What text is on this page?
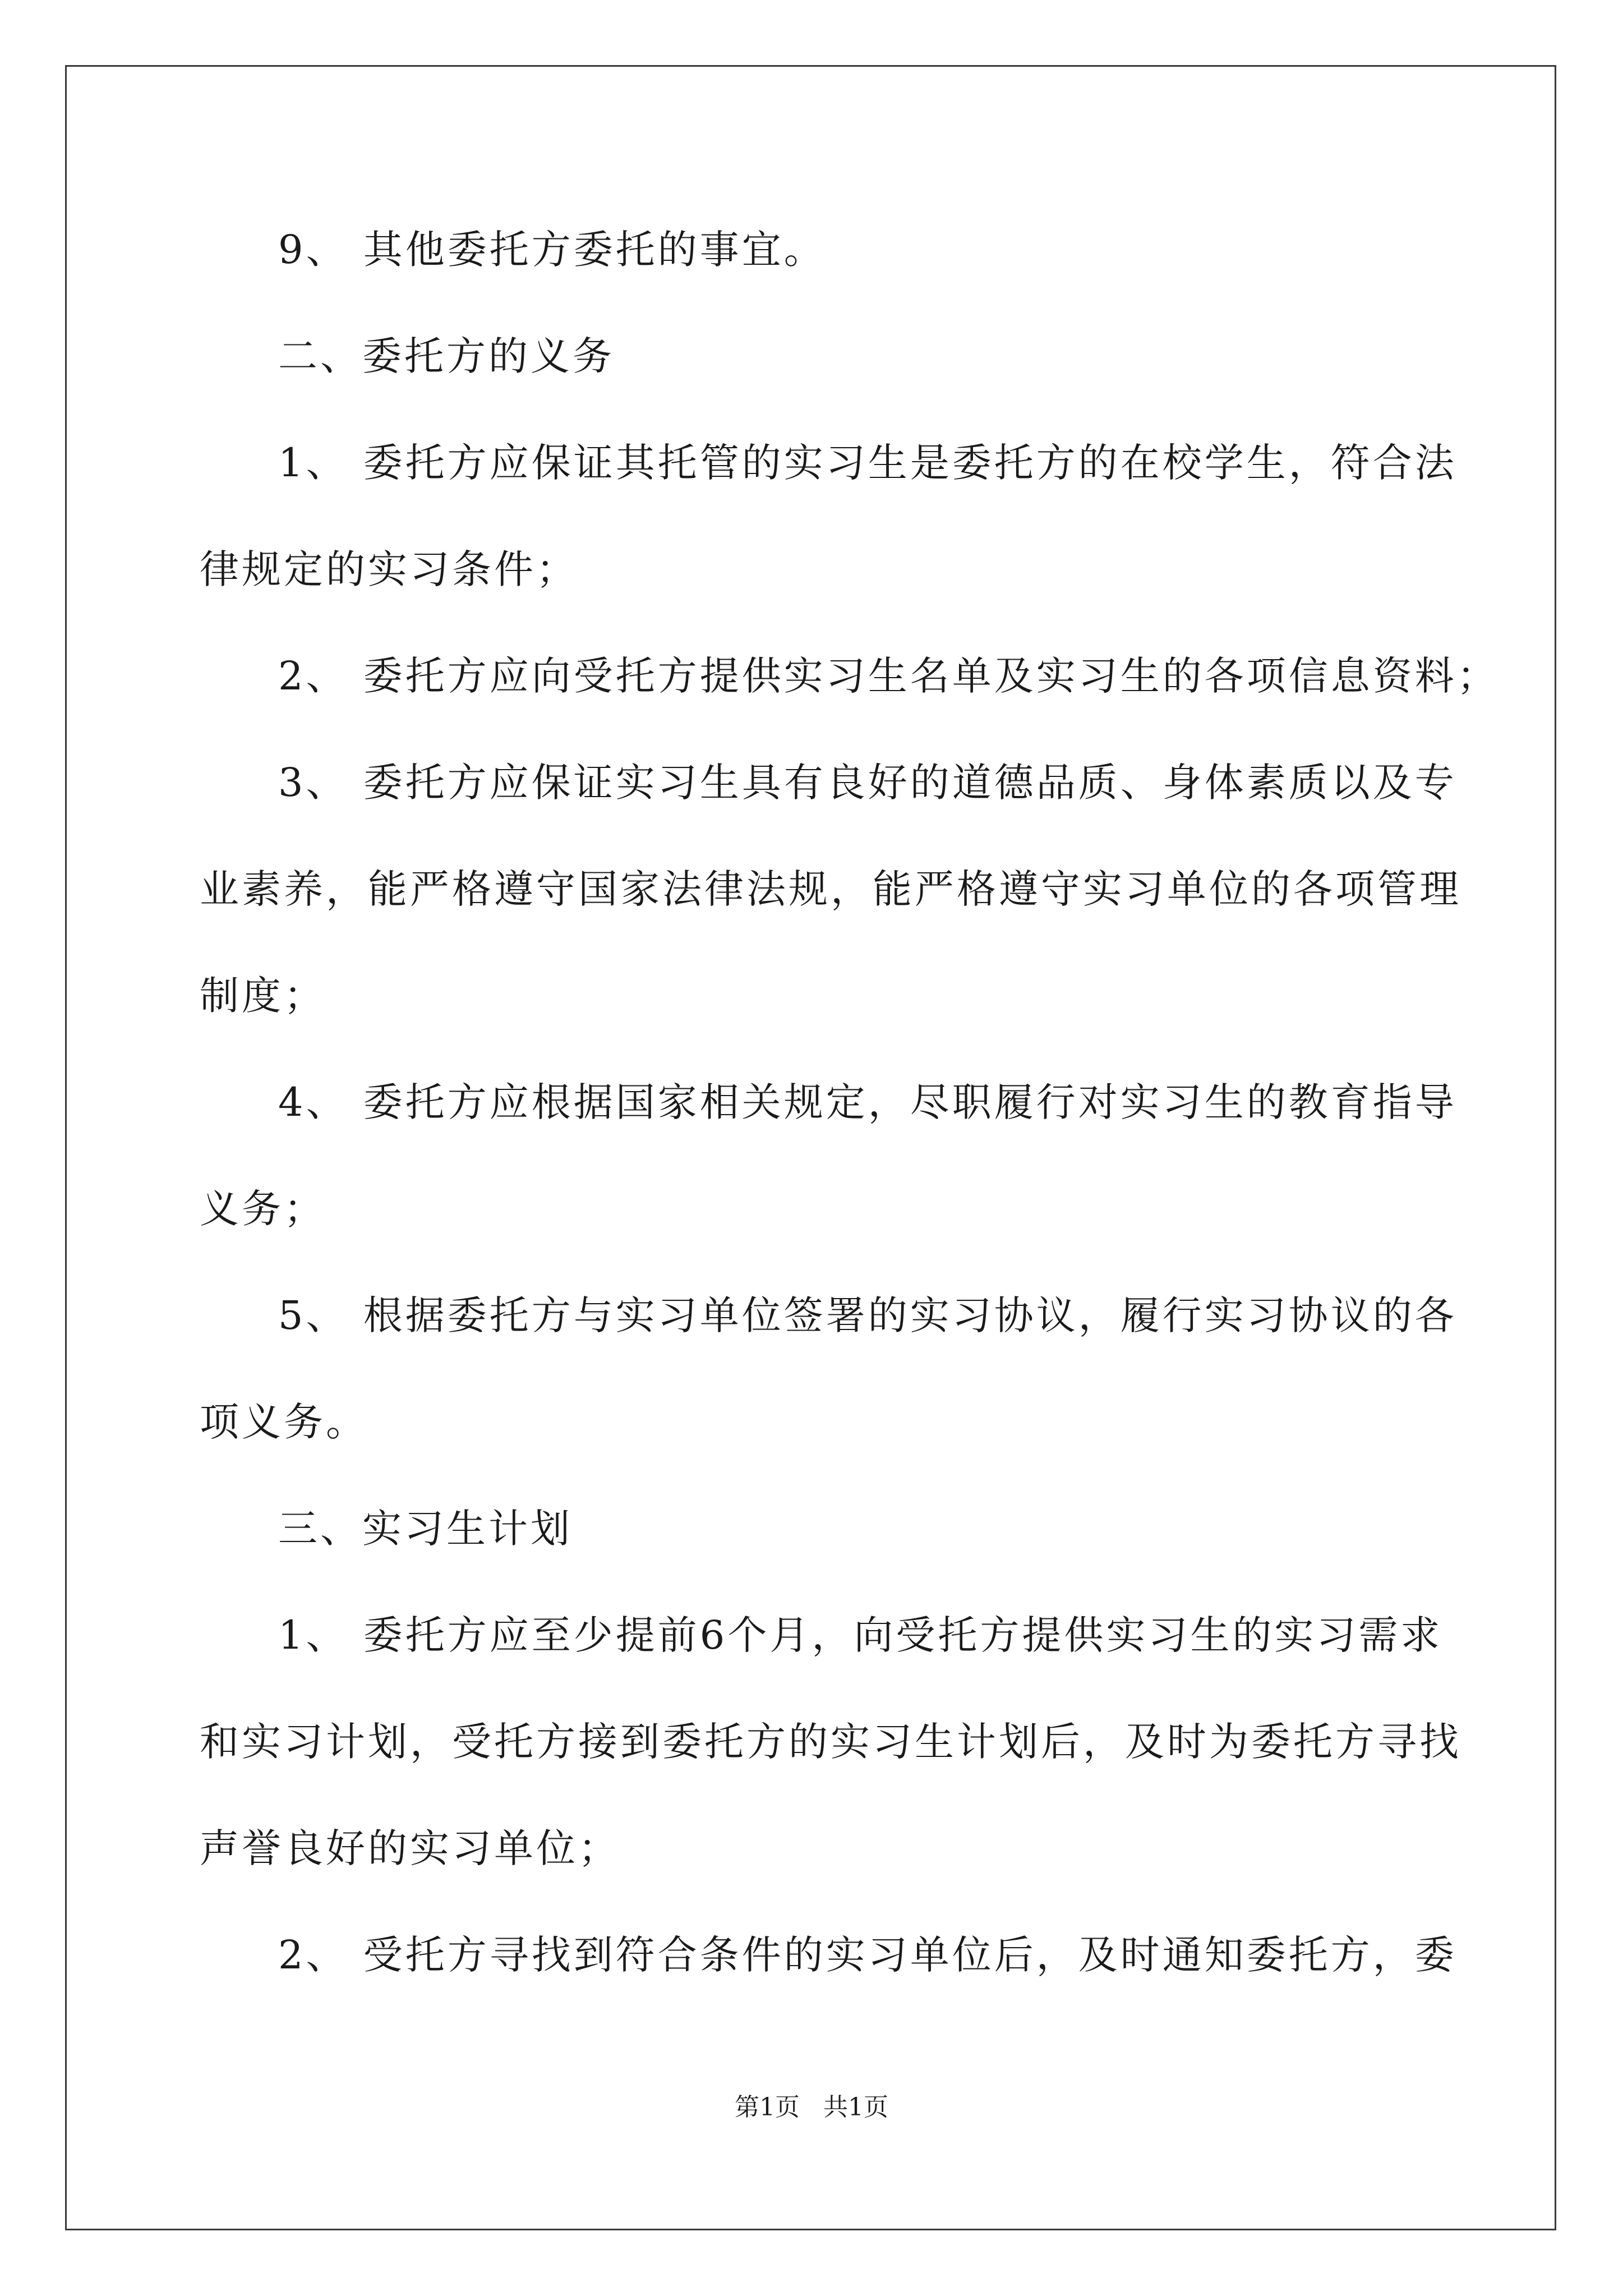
9、 其他委托方委托的事宜。
二、委托方的义务
1、 委托方应保证其托管的实习生是委托方的在校学生，符合法
律规定的实习条件；
2、 委托方应向受托方提供实习生名单及实习生的各项信息资料；
3、 委托方应保证实习生具有良好的道德品质、身体素质以及专
业素养，能严格遵守国家法律法规，能严格遵守实习单位的各项管理
制度；
4、 委托方应根据国家相关规定，尽职履行对实习生的教育指导
义务；
5、 根据委托方与实习单位签署的实习协议，履行实习协议的各
项义务。
三、实习生计划
1、 委托方应至少提前6个月，向受托方提供实习生的实习需求
和实习计划，受托方接到委托方的实习生计划后，及时为委托方寻找
声誉良好的实习单位；
2、 受托方寻找到符合条件的实习单位后，及时通知委托方，委
第1页 共1页
